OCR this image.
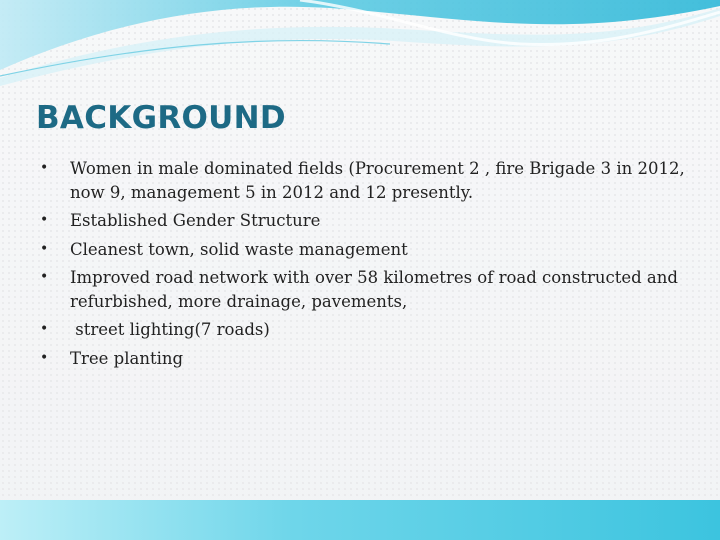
BACKGROUND
•	Women in male dominated fields (Procurement 2 , fire Brigade 3 in 2012, now 9, management 5 in 2012 and 12 presently.
•	Established Gender Structure
•	Cleanest town, solid waste management
•	Improved road network with over 58 kilometres of road constructed and refurbished, more drainage, pavements,
•	street lighting(7 roads)
•	Tree planting
